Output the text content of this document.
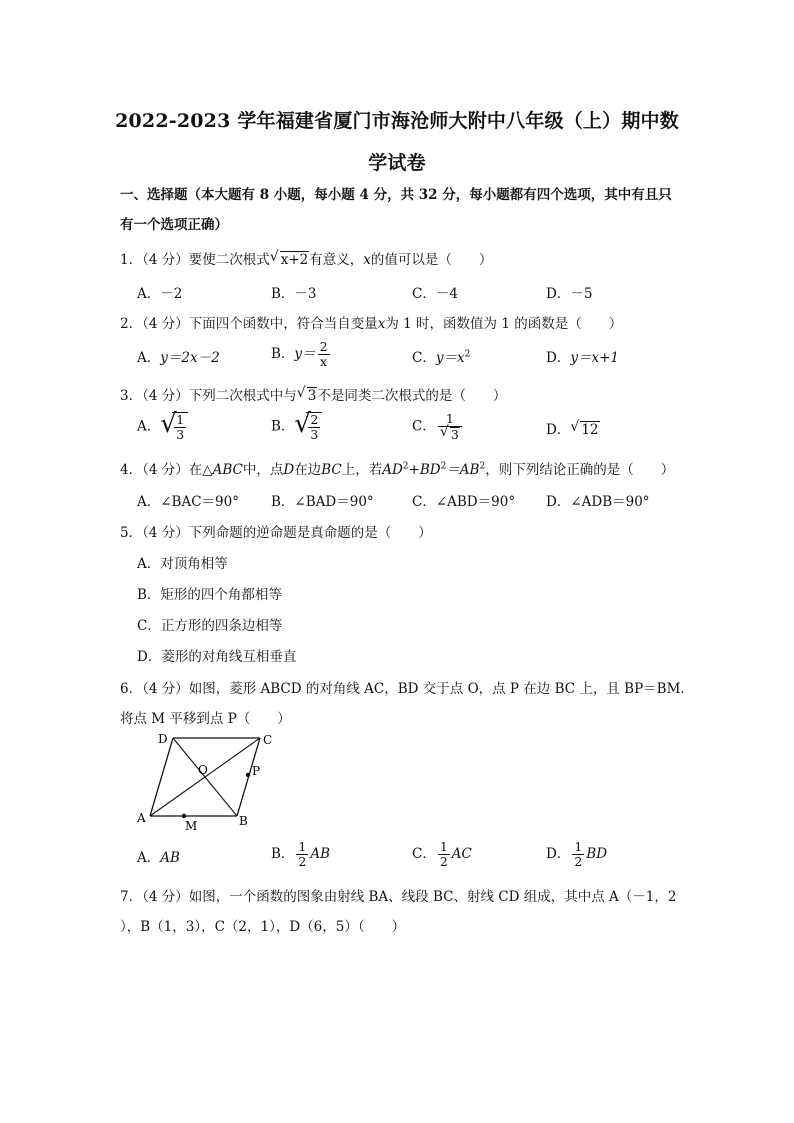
2022-2023 学年福建省厦门市海沧师大附中八年级（上）期中数
学试卷
一、选择题（本大题有 8 小题，每小题 4 分，共 32 分，每小题都有四个选项，其中有且只
有一个选项正确）
1．（4 分）要使二次根式 √ x+2有意义，x的值可以是（　　）
A．－2	B．－3	C．－4	D．－5
2．（4 分）下面四个函数中，符合当自变量x为 1 时，函数值为 1 的函数是（　　）
A．y＝2x－2	B．$y= \frac{2}{x}$	C．$y=x^2$	D．y＝x+1
3．（4 分）下列二次根式中与 √ 3不是同类二次根式的是（　　）
A． √
$\frac{1}{3}$	B． √
$\frac{2}{3}$	C． 1
√ 3	D． √ 12
4．（4 分）在△ABC中，点D在边BC上，若$AD^2+BD^2=AB^2$，则下列结论正确的是（　　）
A．∠BAC＝90° B．∠BAD＝90°	C．∠ABD＝90° D．∠ADB＝90°
5．（4 分）下列命题的逆命题是真命题的是（　　）
A．对顶角相等
B．矩形的四个角都相等
C．正方形的四条边相等
D．菱形的对角线互相垂直
6．（4 分）如图，菱形 ABCD 的对角线 AC，BD 交于点 O，点 P 在边 BC 上，且 BP＝BM．
将点 M 平移到点 P（　　）
D	C
O	P
A
M	B
A．AB	B． $\frac{1}{2}$ AB	C． $\frac{1}{2}$ AC	D． $\frac{1}{2}$ BD
7．（4 分）如图，一个函数的图象由射线 BA、线段 BC、射线 CD 组成，其中点 A（－1，2
），B（1，3），C（2，1），D（6，5）（　　）
